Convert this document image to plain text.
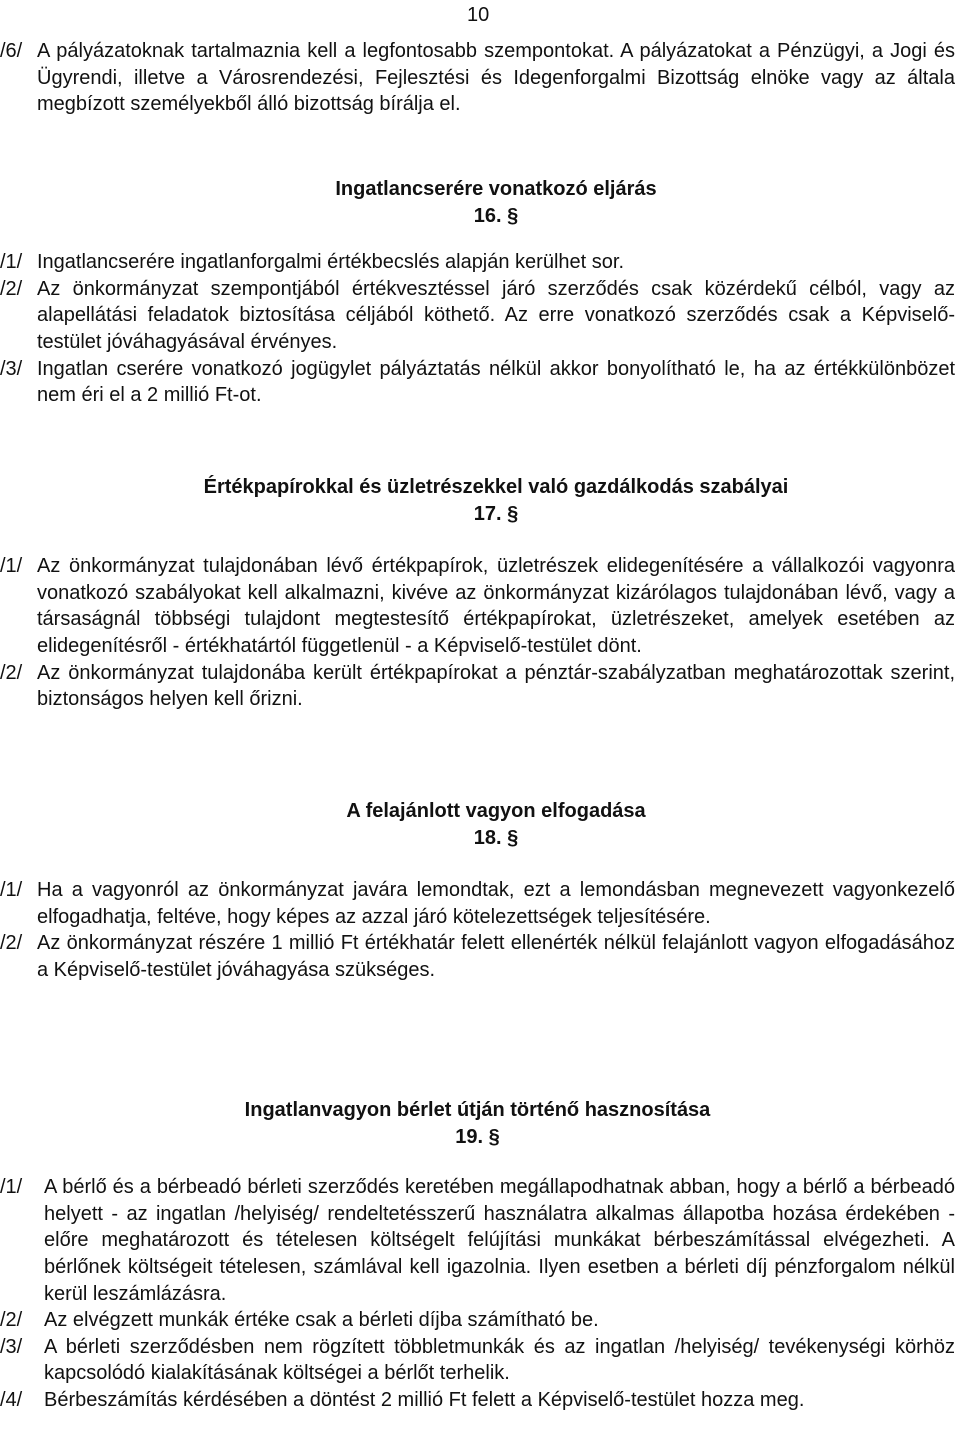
10
/6/ A pályázatoknak tartalmaznia kell a legfontosabb szempontokat. A pályázatokat a Pénzügyi, a Jogi és Ügyrendi, illetve a Városrendezési, Fejlesztési és Idegenforgalmi Bizottság elnöke vagy az általa megbízott személyekből álló bizottság bírálja el.

Ingatlancserére vonatkozó eljárás

16. §

/1/ Ingatlancserére ingatlanforgalmi értékbecslés alapján kerülhet sor.
/2/ Az önkormányzat szempontjából értékvesztéssel járó szerződés csak közérdekű célból, vagy az alapellátási feladatok biztosítása céljából köthető. Az erre vonatkozó szerződés csak a Képviselő-testület jóváhagyásával érvényes.
/3/ Ingatlan cserére vonatkozó jogügylet pályáztatás nélkül akkor bonyolítható le, ha az értékkülönbözet nem éri el a 2 millió Ft-ot.

Értékpapírokkal és üzletrészekkel való gazdálkodás szabályai

17. §

/1/ Az önkormányzat tulajdonában lévő értékpapírok, üzletrészek elidegenítésére a vállalkozói vagyonra vonatkozó szabályokat kell alkalmazni, kivéve az önkormányzat kizárólagos tulajdonában lévő, vagy a társaságnál többségi tulajdont megtestesítő értékpapírokat, üzletrészeket, amelyek esetében az elidegenítésről - értékhatártól függetlenül - a Képviselő-testület dönt.
/2/ Az önkormányzat tulajdonába került értékpapírokat a pénztár-szabályzatban meghatározottak szerint, biztonságos helyen kell őrizni.

A felajánlott vagyon elfogadása

18. §

/1/ Ha a vagyonról az önkormányzat javára lemondtak, ezt a lemondásban megnevezett vagyonkezelő elfogadhatja, feltéve, hogy képes az azzal járó kötelezettségek teljesítésére.
/2/ Az önkormányzat részére 1 millió Ft értékhatár felett ellenérték nélkül felajánlott vagyon elfogadásához a Képviselő-testület jóváhagyása szükséges.

Ingatlanvagyon bérlet útján történő hasznosítása

19. §

/1/	A bérlő és a bérbeadó bérleti szerződés keretében megállapodhatnak abban, hogy a bérlő a bérbeadó helyett - az ingatlan /helyiség/ rendeltetésszerű használatra alkalmas állapotba hozása érdekében - előre meghatározott és tételesen költségelt felújítási munkákat bérbeszámítással elvégezheti. A bérlőnek költségeit tételesen, számlával kell igazolnia. Ilyen esetben a bérleti díj pénzforgalom nélkül kerül leszámlázásra.
/2/	Az elvégzett munkák értéke csak a bérleti díjba számítható be.
/3/	A bérleti szerződésben nem rögzített többletmunkák és az ingatlan /helyiség/ tevékenységi körhöz kapcsolódó kialakításának költségei a bérlőt terhelik.
/4/	Bérbeszámítás kérdésében a döntést 2 millió Ft felett a Képviselő-testület hozza meg.
